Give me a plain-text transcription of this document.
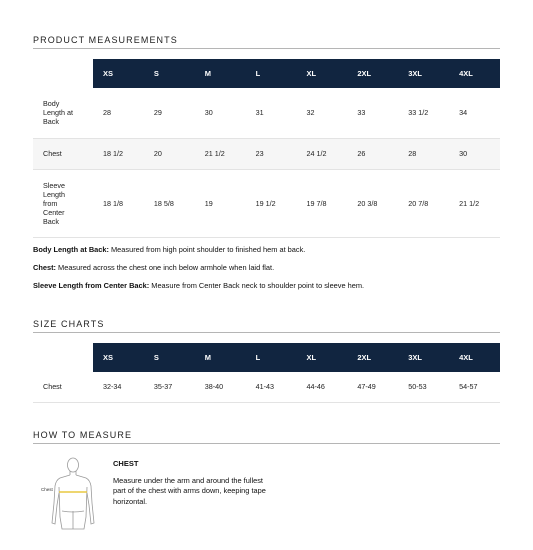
PRODUCT MEASUREMENTS
	XS	S	M	L	XL	2XL	3XL	4XL
Body Length at Back	28	29	30	31	32	33	33 1/2	34
Chest	18 1/2	20	21 1/2	23	24 1/2	26	28	30
Sleeve Length from Center Back	18 1/8	18 5/8	19	19 1/2	19 7/8	20 3/8	20 7/8	21 1/2

Body Length at Back: Measured from high point shoulder to finished hem at back.

Chest: Measured across the chest one inch below armhole when laid flat.

Sleeve Length from Center Back: Measure from Center Back neck to shoulder point to sleeve hem.

SIZE CHARTS
	XS	S	M	L	XL	2XL	3XL	4XL
Chest	32-34	35-37	38-40	41-43	44-46	47-49	50-53	54-57
HOW TO MEASURE
Chest
CHEST
Measure under the arm and around the fullest part of the chest with arms down, keeping tape horizontal.
